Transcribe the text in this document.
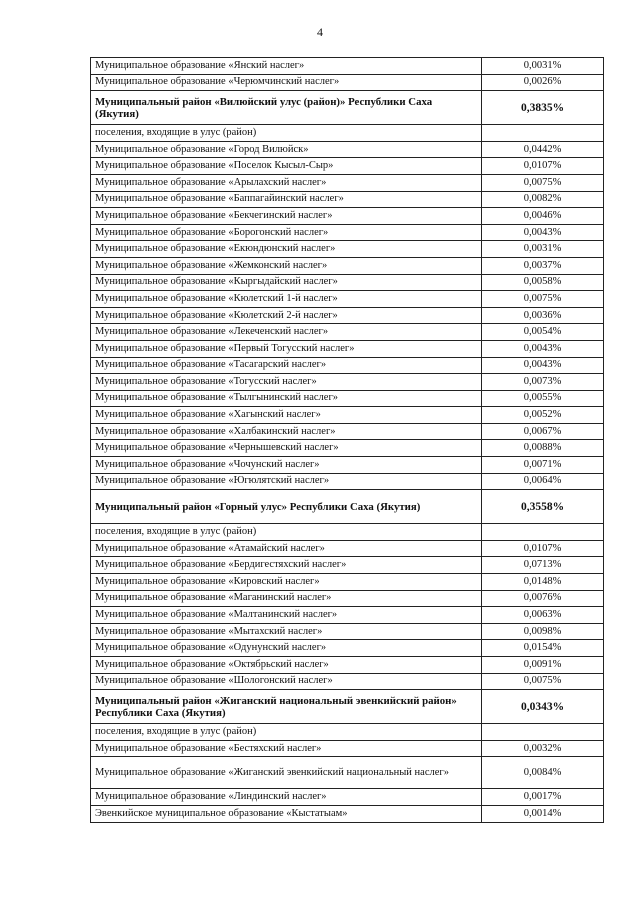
4
Муниципальное образование «Янский наслег»	0,0031%
Муниципальное образование «Черюмчинский наслег»	0,0026%
Муниципальный район «Вилюйский улус (район)» Республики Саха (Якутия)	0,3835%
поселения, входящие в улус (район)	
Муниципальное образование «Город Вилюйск»	0,0442%
Муниципальное образование «Поселок Кысыл-Сыр»	0,0107%
Муниципальное образование «Арылахский наслег»	0,0075%
Муниципальное образование «Баппагайинский наслег»	0,0082%
Муниципальное образование «Бекчегинский наслег»	0,0046%
Муниципальное образование «Борогонский наслег»	0,0043%
Муниципальное образование «Екюндюнский наслег»	0,0031%
Муниципальное образование «Жемконский наслег»	0,0037%
Муниципальное образование «Кыргыдайский наслег»	0,0058%
Муниципальное образование «Кюлетский 1-й наслег»	0,0075%
Муниципальное образование «Кюлетский 2-й наслег»	0,0036%
Муниципальное образование «Лекеченский наслег»	0,0054%
Муниципальное образование «Первый Тогусский наслег»	0,0043%
Муниципальное образование «Тасагарский наслег»	0,0043%
Муниципальное образование «Тогусский наслег»	0,0073%
Муниципальное образование «Тылгынинский наслег»	0,0055%
Муниципальное образование «Хагынский наслег»	0,0052%
Муниципальное образование «Халбакинский наслег»	0,0067%
Муниципальное образование «Чернышевский наслег»	0,0088%
Муниципальное образование «Чочунский наслег»	0,0071%
Муниципальное образование «Югюлятский наслег»	0,0064%
Муниципальный район «Горный улус» Республики Саха (Якутия)	0,3558%
поселения, входящие в улус (район)	
Муниципальное образование «Атамайский наслег»	0,0107%
Муниципальное образование «Бердигестяхский наслег»	0,0713%
Муниципальное образование «Кировский наслег»	0,0148%
Муниципальное образование «Маганинский наслег»	0,0076%
Муниципальное образование «Малтанинский наслег»	0,0063%
Муниципальное образование «Мытахский наслег»	0,0098%
Муниципальное образование «Одунунский наслег»	0,0154%
Муниципальное образование «Октябрьский наслег»	0,0091%
Муниципальное образование «Шологонский наслег»	0,0075%
Муниципальный район «Жиганский национальный эвенкийский район» Республики Саха (Якутия)	0,0343%
поселения, входящие в улус (район)	
Муниципальное образование «Бестяхский наслег»	0,0032%
Муниципальное образование «Жиганский эвенкийский национальный наслег»	0,0084%
Муниципальное образование «Линдинский наслег»	0,0017%
Эвенкийское муниципальное образование «Кыстатыам»	0,0014%
